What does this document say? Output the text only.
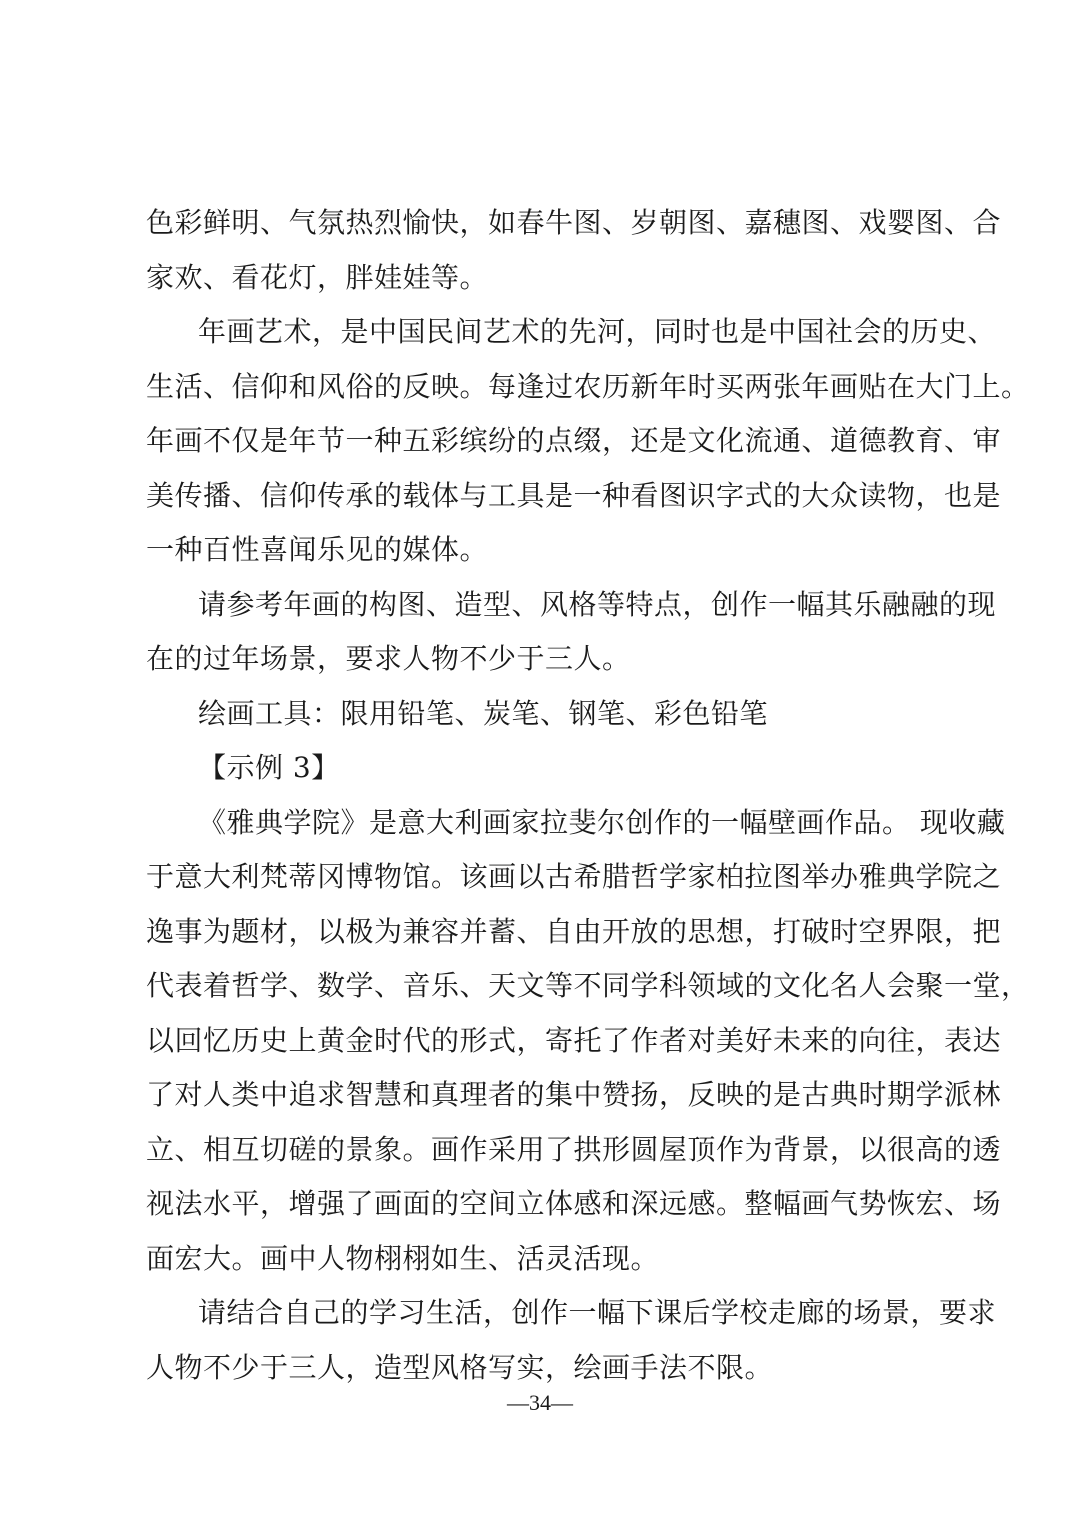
色彩鲜明、气氛热烈愉快，如春牛图、岁朝图、嘉穗图、戏婴图、合
家欢、看花灯，胖娃娃等。
年画艺术，是中国民间艺术的先河，同时也是中国社会的历史、
生活、信仰和风俗的反映。每逢过农历新年时买两张年画贴在大门上。
年画不仅是年节一种五彩缤纷的点缀，还是文化流通、道德教育、审
美传播、信仰传承的载体与工具是一种看图识字式的大众读物，也是
一种百性喜闻乐见的媒体。
请参考年画的构图、造型、风格等特点，创作一幅其乐融融的现
在的过年场景，要求人物不少于三人。
绘画工具：限用铅笔、炭笔、钢笔、彩色铅笔
【示例 3】
《雅典学院》是意大利画家拉斐尔创作的一幅壁画作品。 现收藏
于意大利梵蒂冈博物馆。该画以古希腊哲学家柏拉图举办雅典学院之
逸事为题材，以极为兼容并蓄、自由开放的思想，打破时空界限，把
代表着哲学、数学、音乐、天文等不同学科领域的文化名人会聚一堂，
以回忆历史上黄金时代的形式，寄托了作者对美好未来的向往，表达
了对人类中追求智慧和真理者的集中赞扬，反映的是古典时期学派林
立、相互切磋的景象。画作采用了拱形圆屋顶作为背景，以很高的透
视法水平，增强了画面的空间立体感和深远感。整幅画气势恢宏、场
面宏大。画中人物栩栩如生、活灵活现。
请结合自己的学习生活，创作一幅下课后学校走廊的场景，要求
人物不少于三人，造型风格写实，绘画手法不限。
—34—
